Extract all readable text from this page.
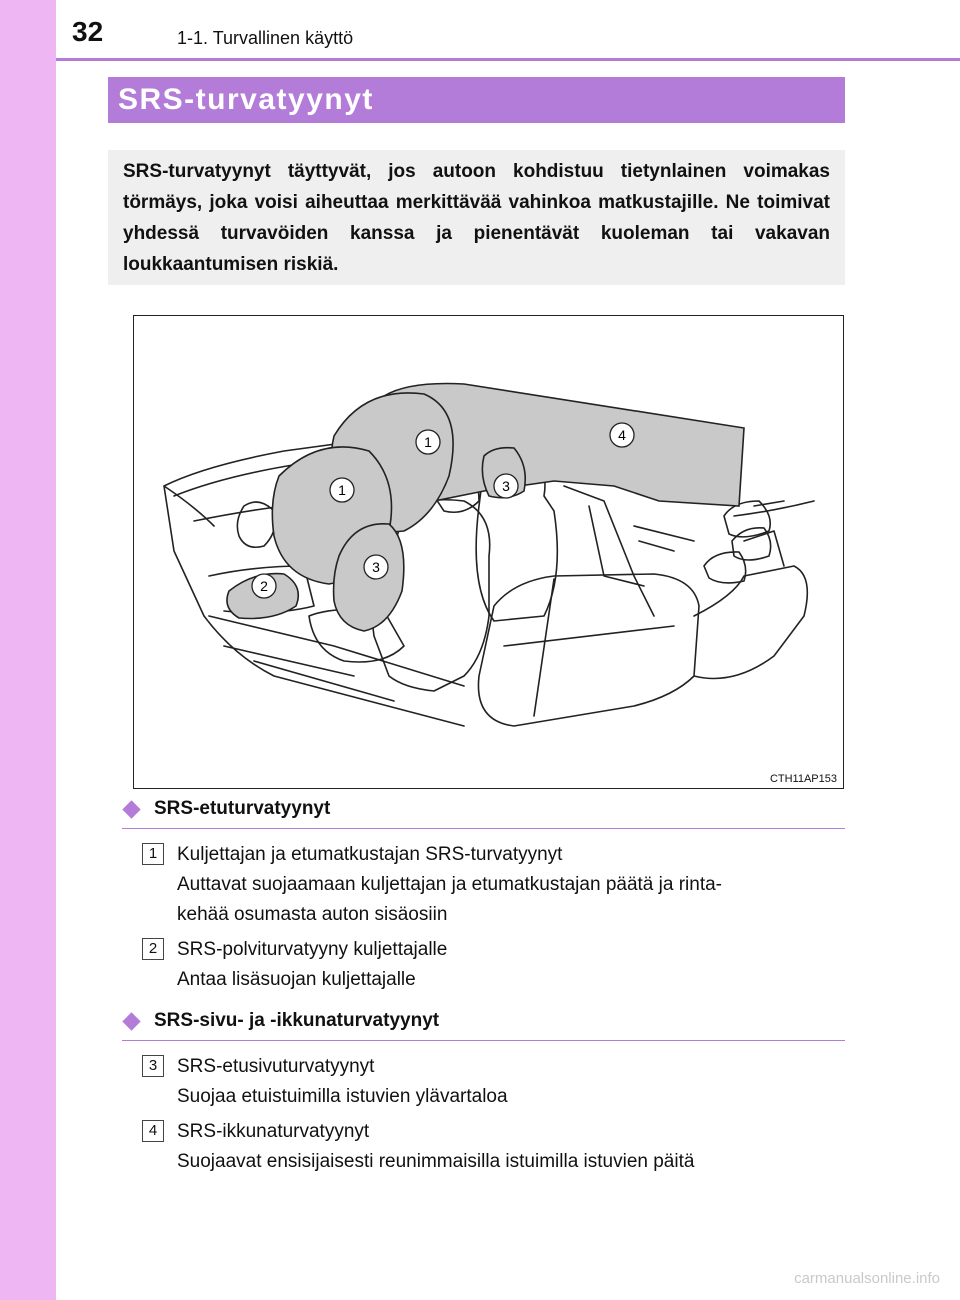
32	1-1. Turvallinen käyttö
SRS-turvatyynyt

SRS-turvatyynyt täyttyvät, jos autoon kohdistuu tietynlainen voimakas törmäys, joka voisi aiheuttaa merkittävää vahinkoa matkustajille. Ne toimivat yhdessä turvavöiden kanssa ja pienentävät kuoleman tai vakavan loukkaantumisen riskiä.

1
1
2
3
3
4
CTH11AP153
SRS-etuturvatyynyt
1	Kuljettajan ja etumatkustajan SRS-turvatyynyt
Auttavat suojaamaan kuljettajan ja etumatkustajan päätä ja rinta-
kehää osumasta auton sisäosiin
2	SRS-polviturvatyyny kuljettajalle
Antaa lisäsuojan kuljettajalle
SRS-sivu- ja -ikkunaturvatyynyt
3	SRS-etusivuturvatyynyt
Suojaa etuistuimilla istuvien ylävartaloa
4	SRS-ikkunaturvatyynyt
Suojaavat ensisijaisesti reunimmaisilla istuimilla istuvien päitä
carmanualsonline.info
